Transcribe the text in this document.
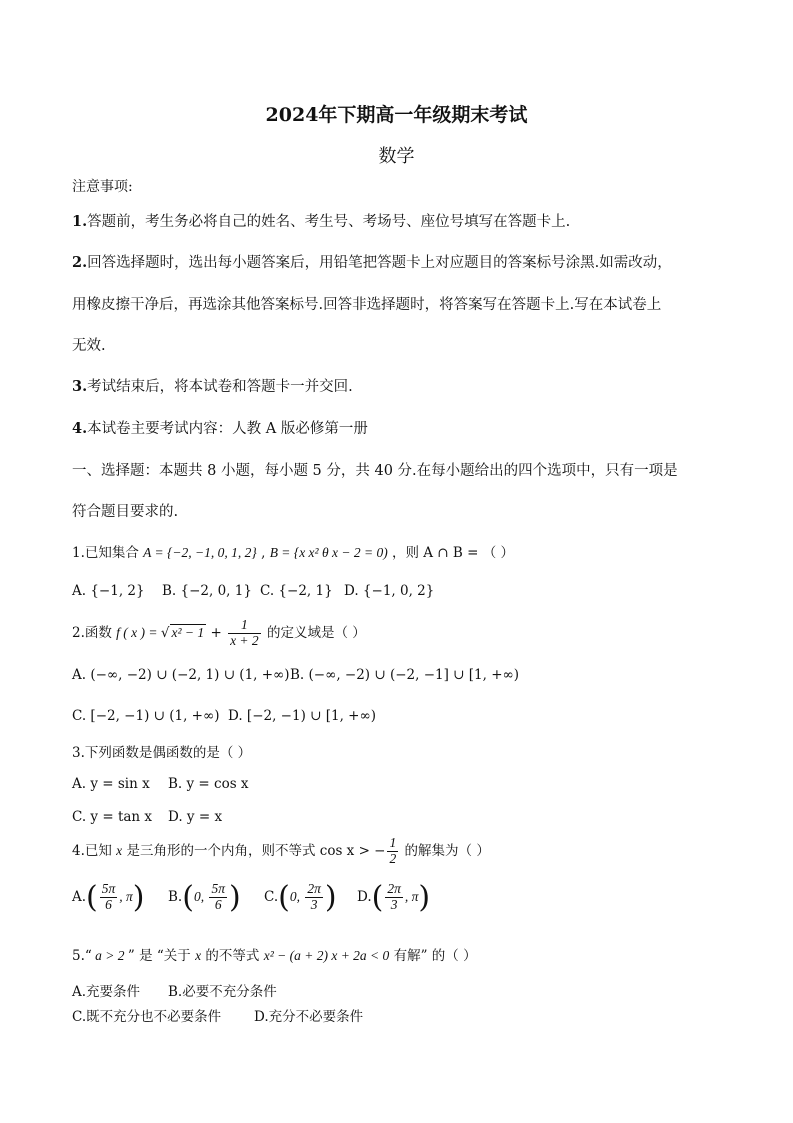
2024年下期高一年级期末考试
数学
注意事项:
1.答题前，考生务必将自己的姓名、考生号、考场号、座位号填写在答题卡上.
2.回答选择题时，选出每小题答案后，用铅笔把答题卡上对应题目的答案标号涂黑.如需改动，
用橡皮擦干净后，再选涂其他答案标号.回答非选择题时，将答案写在答题卡上.写在本试卷上
无效.
3.考试结束后，将本试卷和答题卡一并交回.
4.本试卷主要考试内容：人教 A 版必修第一册
一、选择题：本题共 8 小题，每小题 5 分，共 40 分.在每小题给出的四个选项中，只有一项是
符合题目要求的.
1.已知集合 A = {−2, −1, 0, 1, 2} , B = {x x² θ x − 2 = 0) ，则 A ∩ B = （ ）
A. {−1, 2} B. {−2, 0, 1} C. {−2, 1} D. {−1, 0, 2}
2.函数 f ( x ) = √ $x^2 - 1 + \frac{1}{x + 2}$ 的定义域是（ ）
A. (−∞, −2) ∪ (−2, 1) ∪ (1, +∞) B. (−∞, −2) ∪ (−2, −1] ∪ [1, +∞)
C. [−2, −1) ∪ (1, +∞) D. [−2, −1) ∪ [1, +∞)
3.下列函数是偶函数的是（ ）
A. y = sin x B. y = cos x
C. y = tan x D. y = x
4.已知 x 是三角形的一个内角，则不等式 cos x > − $\frac{1}{2}$ 的解集为（ ）
$A.( \frac{5\pi}{6}$ , π) B.(0, $\frac{5\pi}{6}$ ) C.(0, $\frac{2\pi}{3}$ ) $D.( \frac{2\pi}{3}$ , π)
5.“ a > 2 ” 是 “关于 x 的不等式 x² − (a + 2) x + 2a < 0 有解” 的（ ）
A.充要条件 B.必要不充分条件
C.既不充分也不必要条件 D.充分不必要条件
